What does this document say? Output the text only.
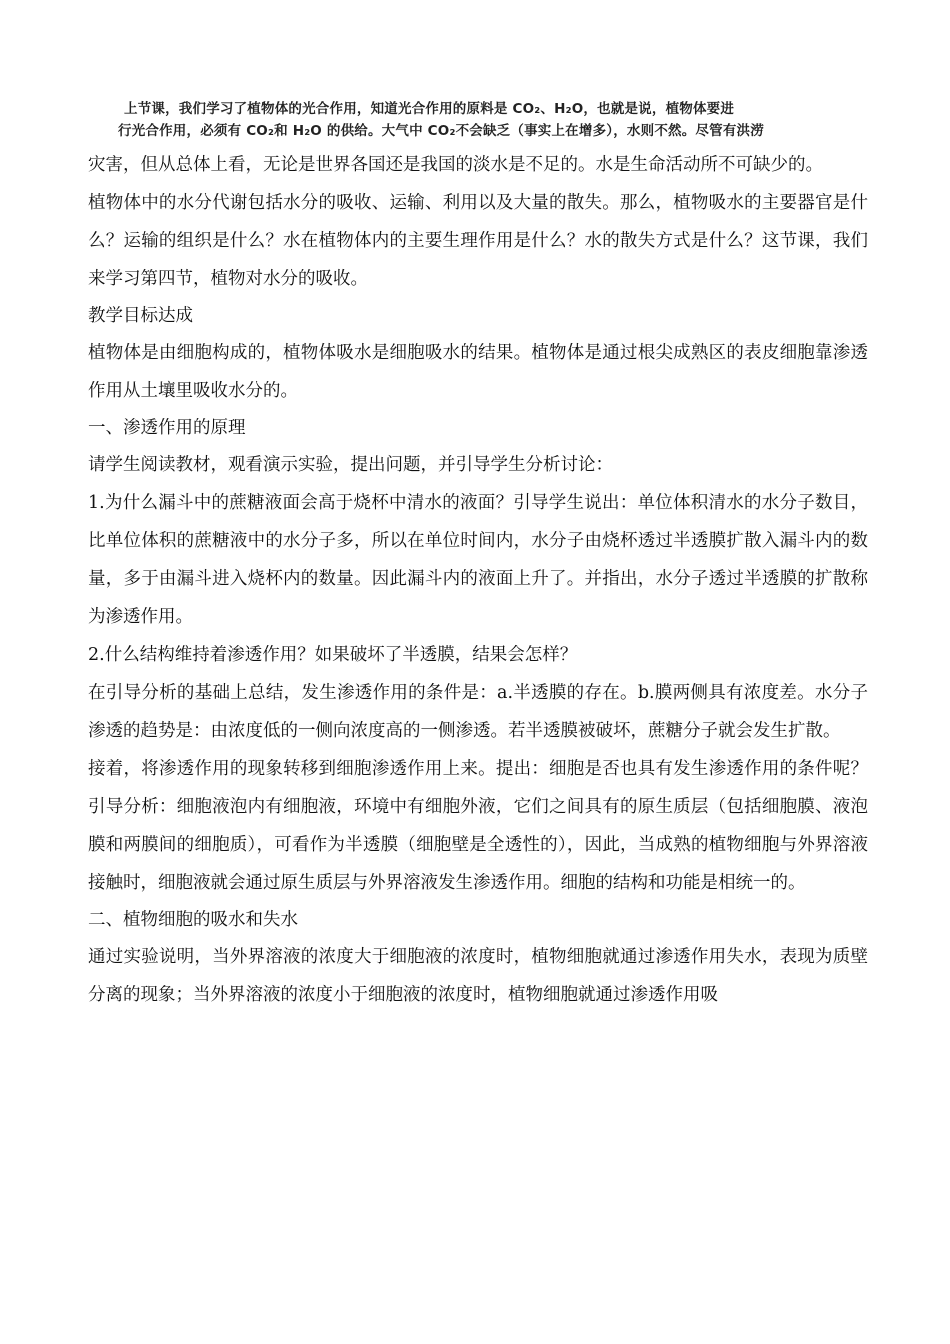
上节课，我们学习了植物体的光合作用，知道光合作用的原料是 CO₂、H₂O，也就是说，植物体要进
行光合作用，必须有 CO₂和 H₂O 的供给。大气中 CO₂不会缺乏（事实上在增多），水则不然。尽管有洪涝

灾害，但从总体上看，无论是世界各国还是我国的淡水是不足的。水是生命活动所不可缺少的。

植物体中的水分代谢包括水分的吸收、运输、利用以及大量的散失。那么，植物吸水的主要器官是什么？运输的组织是什么？水在植物体内的主要生理作用是什么？水的散失方式是什么？这节课，我们来学习第四节，植物对水分的吸收。

教学目标达成

植物体是由细胞构成的，植物体吸水是细胞吸水的结果。植物体是通过根尖成熟区的表皮细胞靠渗透作用从土壤里吸收水分的。

一、渗透作用的原理

请学生阅读教材，观看演示实验，提出问题，并引导学生分析讨论：

1.为什么漏斗中的蔗糖液面会高于烧杯中清水的液面？引导学生说出：单位体积清水的水分子数目，比单位体积的蔗糖液中的水分子多，所以在单位时间内，水分子由烧杯透过半透膜扩散入漏斗内的数量，多于由漏斗进入烧杯内的数量。因此漏斗内的液面上升了。并指出，水分子透过半透膜的扩散称为渗透作用。

2.什么结构维持着渗透作用？如果破坏了半透膜，结果会怎样？

在引导分析的基础上总结，发生渗透作用的条件是：a.半透膜的存在。b.膜两侧具有浓度差。水分子渗透的趋势是：由浓度低的一侧向浓度高的一侧渗透。若半透膜被破坏，蔗糖分子就会发生扩散。

接着，将渗透作用的现象转移到细胞渗透作用上来。提出：细胞是否也具有发生渗透作用的条件呢？引导分析：细胞液泡内有细胞液，环境中有细胞外液，它们之间具有的原生质层（包括细胞膜、液泡膜和两膜间的细胞质），可看作为半透膜（细胞壁是全透性的），因此，当成熟的植物细胞与外界溶液接触时，细胞液就会通过原生质层与外界溶液发生渗透作用。细胞的结构和功能是相统一的。

二、植物细胞的吸水和失水

通过实验说明，当外界溶液的浓度大于细胞液的浓度时，植物细胞就通过渗透作用失水，表现为质壁分离的现象；当外界溶液的浓度小于细胞液的浓度时，植物细胞就通过渗透作用吸
